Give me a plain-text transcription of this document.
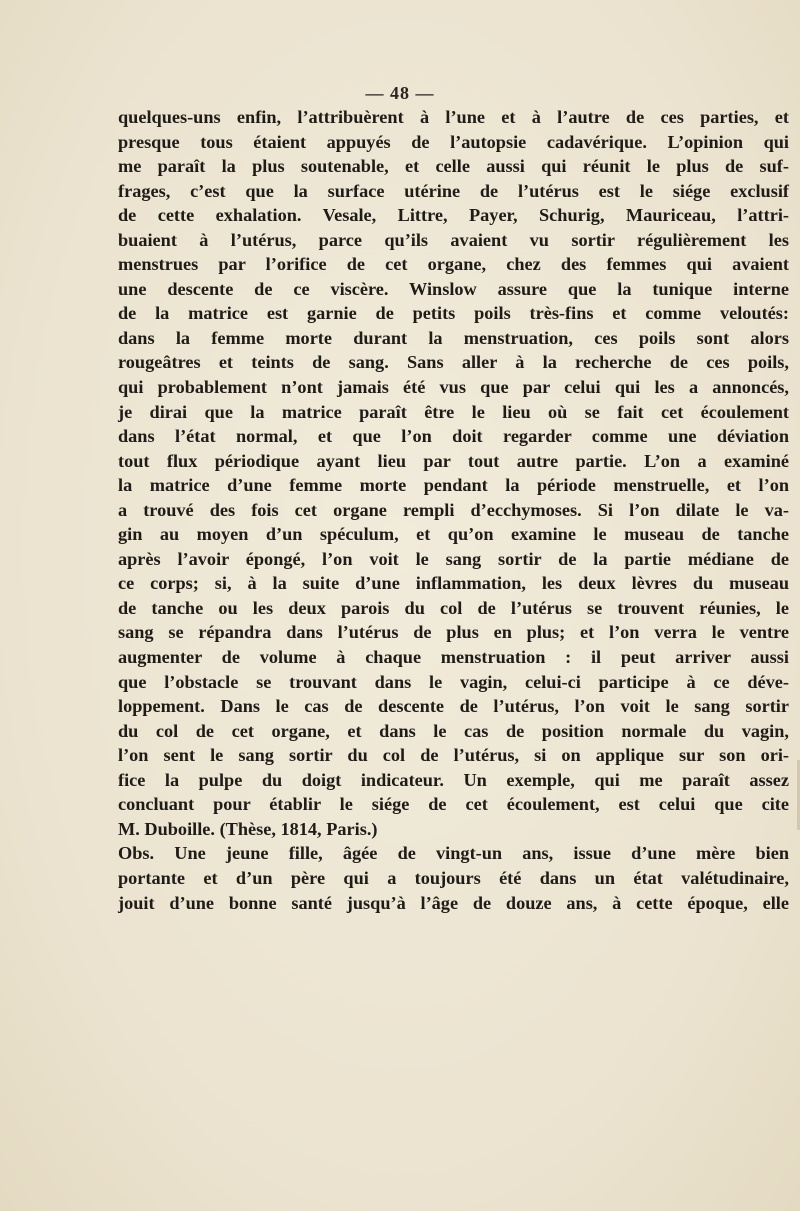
— 48 —
quelques-uns enfin, l’attribuèrent à l’une et à l’autre de ces parties, et
presque tous étaient appuyés de l’autopsie cadavérique. L’opinion qui
me paraît la plus soutenable, et celle aussi qui réunit le plus de suf-
frages, c’est que la surface utérine de l’utérus est le siége exclusif
de cette exhalation. Vesale, Littre, Payer, Schurig, Mauriceau, l’attri-
buaient à l’utérus, parce qu’ils avaient vu sortir régulièrement les
menstrues par l’orifice de cet organe, chez des femmes qui avaient
une descente de ce viscère. Winslow assure que la tunique interne
de la matrice est garnie de petits poils très-fins et comme veloutés:
dans la femme morte durant la menstruation, ces poils sont alors
rougeâtres et teints de sang. Sans aller à la recherche de ces poils,
qui probablement n’ont jamais été vus que par celui qui les a annoncés,
je dirai que la matrice paraît être le lieu où se fait cet écoulement
dans l’état normal, et que l’on doit regarder comme une déviation
tout flux périodique ayant lieu par tout autre partie. L’on a examiné
la matrice d’une femme morte pendant la période menstruelle, et l’on
a trouvé des fois cet organe rempli d’ecchymoses. Si l’on dilate le va-
gin au moyen d’un spéculum, et qu’on examine le museau de tanche
après l’avoir épongé, l’on voit le sang sortir de la partie médiane de
ce corps; si, à la suite d’une inflammation, les deux lèvres du museau
de tanche ou les deux parois du col de l’utérus se trouvent réunies, le
sang se répandra dans l’utérus de plus en plus; et l’on verra le ventre
augmenter de volume à chaque menstruation : il peut arriver aussi
que l’obstacle se trouvant dans le vagin, celui-ci participe à ce déve-
loppement. Dans le cas de descente de l’utérus, l’on voit le sang sortir
du col de cet organe, et dans le cas de position normale du vagin,
l’on sent le sang sortir du col de l’utérus, si on applique sur son ori-
fice la pulpe du doigt indicateur. Un exemple, qui me paraît assez
concluant pour établir le siége de cet écoulement, est celui que cite
M. Duboille. (Thèse, 1814, Paris.)
Obs. Une jeune fille, âgée de vingt-un ans, issue d’une mère bien
portante et d’un père qui a toujours été dans un état valétudinaire,
jouit d’une bonne santé jusqu’à l’âge de douze ans, à cette époque, elle
